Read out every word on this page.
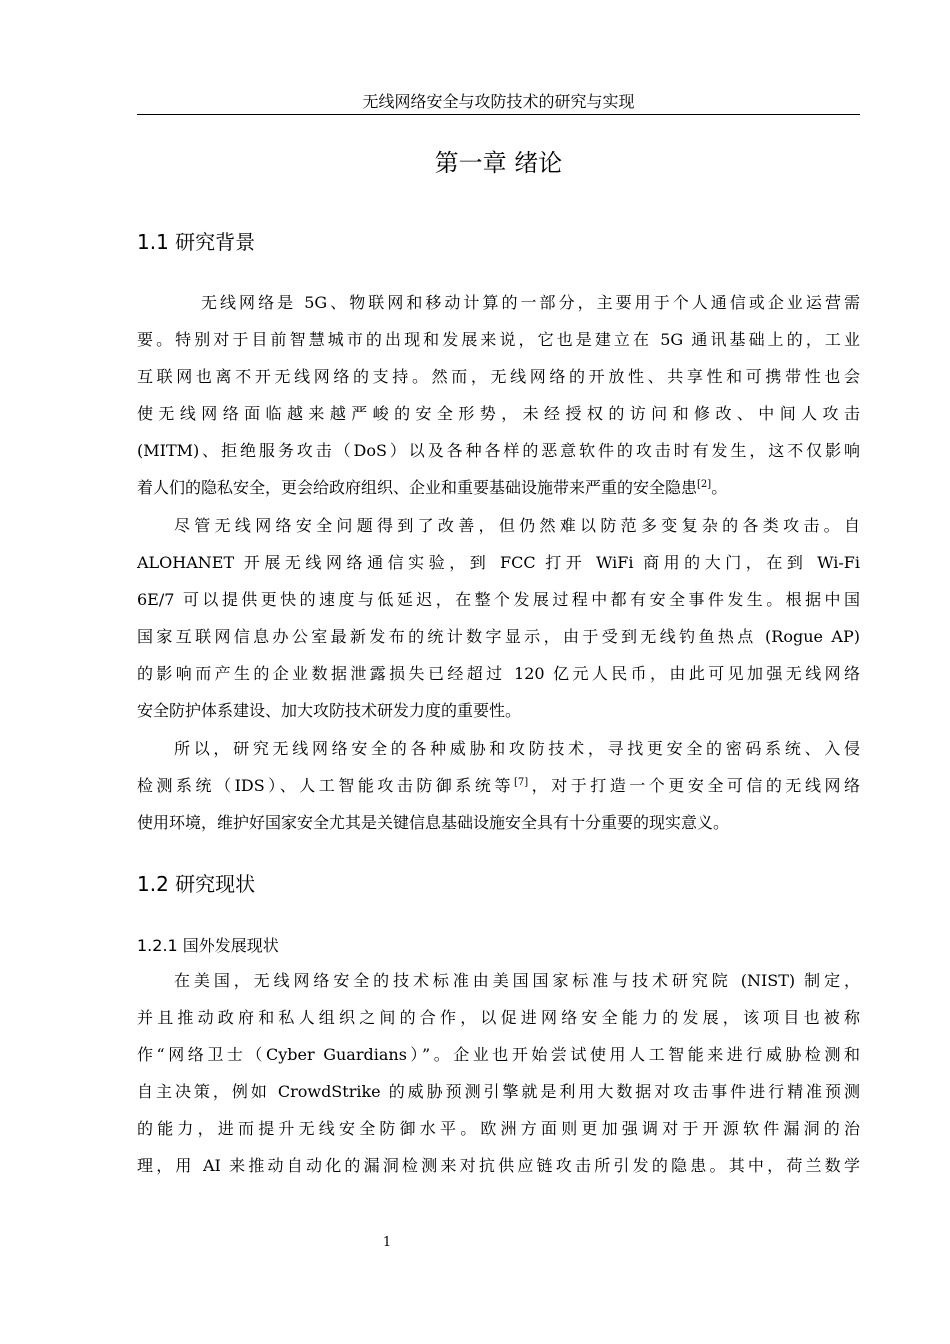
无线网络安全与攻防技术的研究与实现
第一章 绪论
1.1 研究背景
无线网络是 5G、物联网和移动计算的一部分，主要用于个人通信或企业运营需
要。特别对于目前智慧城市的出现和发展来说，它也是建立在 5G 通讯基础上的，工业
互联网也离不开无线网络的支持。然而，无线网络的开放性、共享性和可携带性也会
使无线网络面临越来越严峻的安全形势，未经授权的访问和修改、中间人攻击
(MITM)、拒绝服务攻击（DoS）以及各种各样的恶意软件的攻击时有发生，这不仅影响
着人们的隐私安全，更会给政府组织、企业和重要基础设施带来严重的安全隐患[2]。
尽管无线网络安全问题得到了改善，但仍然难以防范多变复杂的各类攻击。自
ALOHANET 开展无线网络通信实验，到 FCC 打开 WiFi 商用的大门，在到 Wi-Fi
6E/7 可以提供更快的速度与低延迟，在整个发展过程中都有安全事件发生。根据中国
国家互联网信息办公室最新发布的统计数字显示，由于受到无线钓鱼热点 (Rogue AP)
的影响而产生的企业数据泄露损失已经超过 120 亿元人民币，由此可见加强无线网络
安全防护体系建设、加大攻防技术研发力度的重要性。
所以，研究无线网络安全的各种威胁和攻防技术，寻找更安全的密码系统、入侵
检测系统（IDS）、人工智能攻击防御系统等[7]，对于打造一个更安全可信的无线网络
使用环境，维护好国家安全尤其是关键信息基础设施安全具有十分重要的现实意义。
1.2 研究现状
1.2.1 国外发展现状
在美国，无线网络安全的技术标准由美国国家标准与技术研究院 (NIST) 制定，
并且推动政府和私人组织之间的合作，以促进网络安全能力的发展，该项目也被称
作“网络卫士（Cyber Guardians）”。企业也开始尝试使用人工智能来进行威胁检测和
自主决策，例如 CrowdStrike 的威胁预测引擎就是利用大数据对攻击事件进行精准预测
的能力，进而提升无线安全防御水平。欧洲方面则更加强调对于开源软件漏洞的治
理，用 AI 来推动自动化的漏洞检测来对抗供应链攻击所引发的隐患。其中，荷兰数学
1
